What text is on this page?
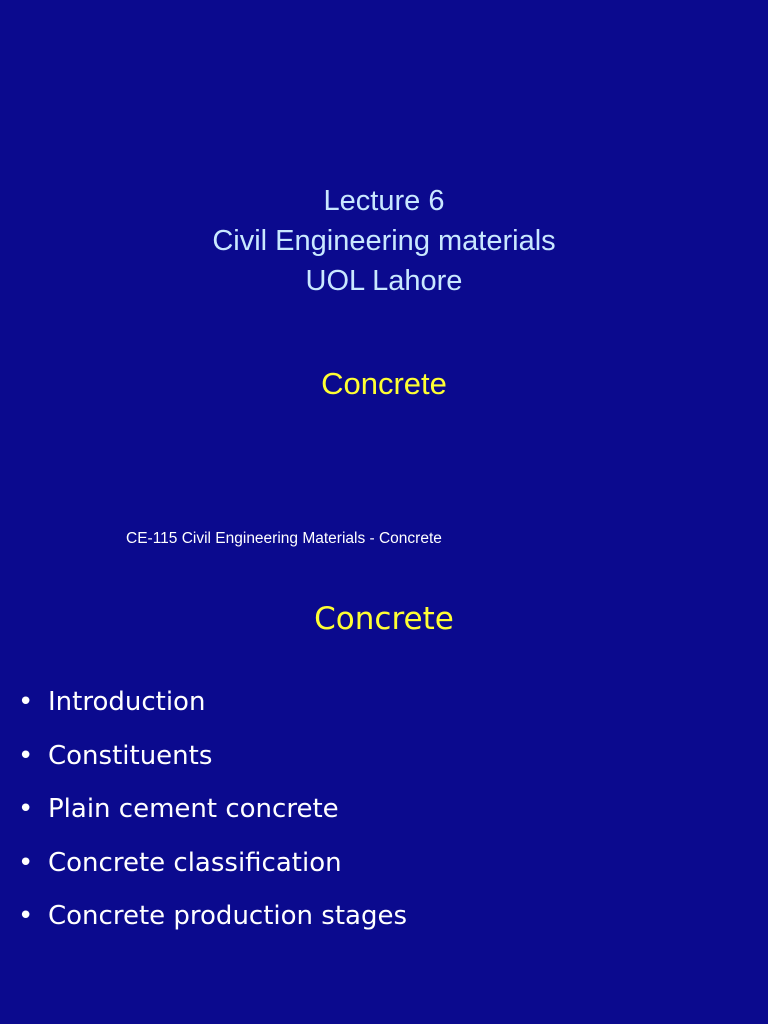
Lecture 6
Civil Engineering materials
UOL Lahore
Concrete
CE-115 Civil Engineering Materials - Concrete
Concrete
• Introduction
• Constituents
• Plain cement concrete
• Concrete classification
• Concrete production stages
